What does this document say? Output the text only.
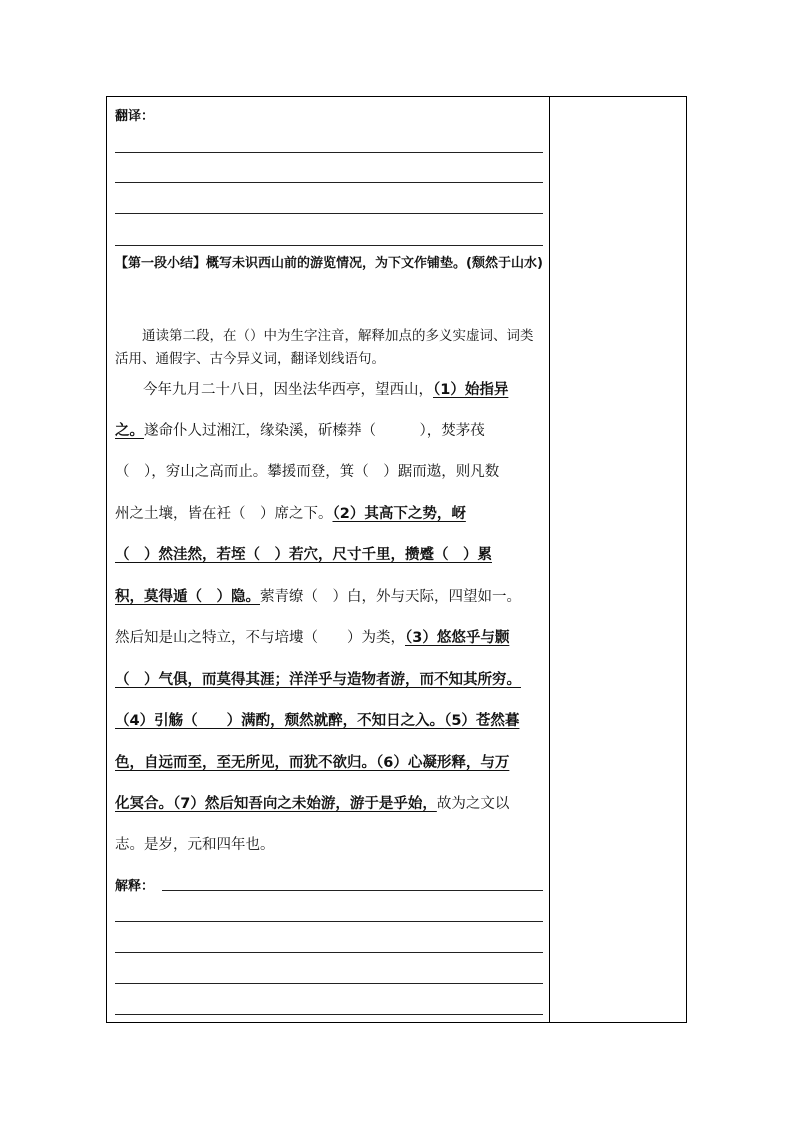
翻译：
【第一段小结】概写未识西山前的游览情况，为下文作铺垫。(颓然于山水)
通读第二段，在（）中为生字注音，解释加点的多义实虚词、词类活用、通假字、古今异义词，翻译划线语句。
今年九月二十八日，因坐法华西亭，望西山，（1）始指异
之。遂命仆人过湘江，缘染溪，斫榛莽（　　　），焚茅茷
（　），穷山之高而止。攀援而登，箕（　）踞而遨，则凡数
州之土壤，皆在衽（　）席之下。（2）其高下之势，岈
（　）然洼然，若垤（　）若穴，尺寸千里，攒蹙（　）累
积，莫得遁（　）隐。萦青缭（　）白，外与天际，四望如一。
然后知是山之特立，不与培塿（　　）为类，（3）悠悠乎与颢
（　）气俱，而莫得其涯；洋洋乎与造物者游，而不知其所穷。
（4）引觞（　　）满酌，颓然就醉，不知日之入。（5）苍然暮
色，自远而至，至无所见，而犹不欲归。（6）心凝形释，与万
化冥合。（7）然后知吾向之未始游，游于是乎始，故为之文以
志。是岁，元和四年也。
解释：
